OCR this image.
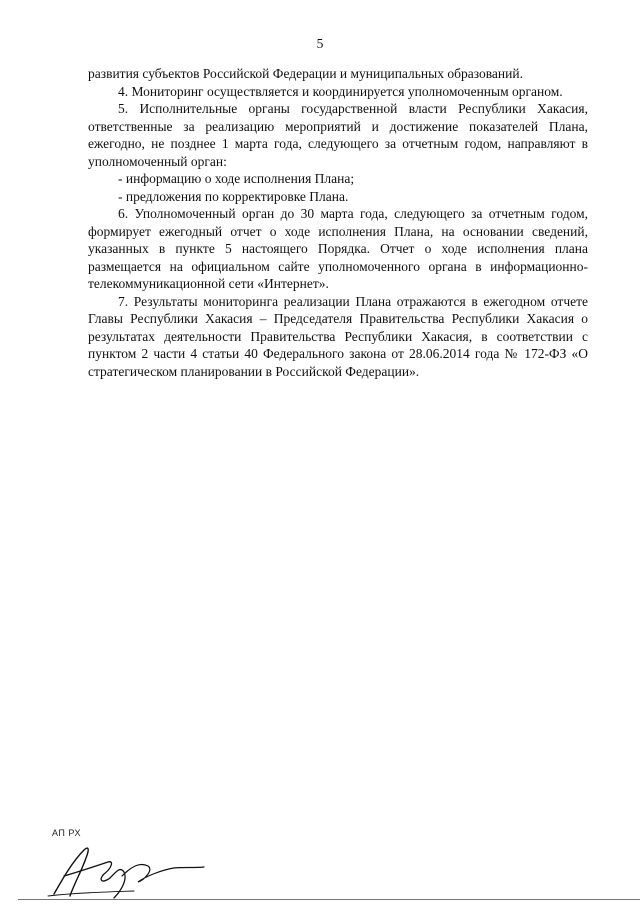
5

развития субъектов Российской Федерации и муниципальных образований.

4. Мониторинг осуществляется и координируется уполномоченным органом.

5. Исполнительные органы государственной власти Республики Хакасия, ответственные за реализацию мероприятий и достижение показателей Плана, ежегодно, не позднее 1 марта года, следующего за отчетным годом, направляют в уполномоченный орган:

- информацию о ходе исполнения Плана;

- предложения по корректировке Плана.

6. Уполномоченный орган до 30 марта года, следующего за отчетным годом, формирует ежегодный отчет о ходе исполнения Плана, на основании сведений, указанных в пункте 5 настоящего Порядка. Отчет о ходе исполнения плана размещается на официальном сайте уполномоченного органа в информационно-телекоммуникационной сети «Интернет».

7. Результаты мониторинга реализации Плана отражаются в ежегодном отчете Главы Республики Хакасия – Председателя Правительства Республики Хакасия о результатах деятельности Правительства Республики Хакасия, в соответствии с пунктом 2 части 4 статьи 40 Федерального закона от 28.06.2014 года № 172-ФЗ «О стратегическом планировании в Российской Федерации».

АП РХ
